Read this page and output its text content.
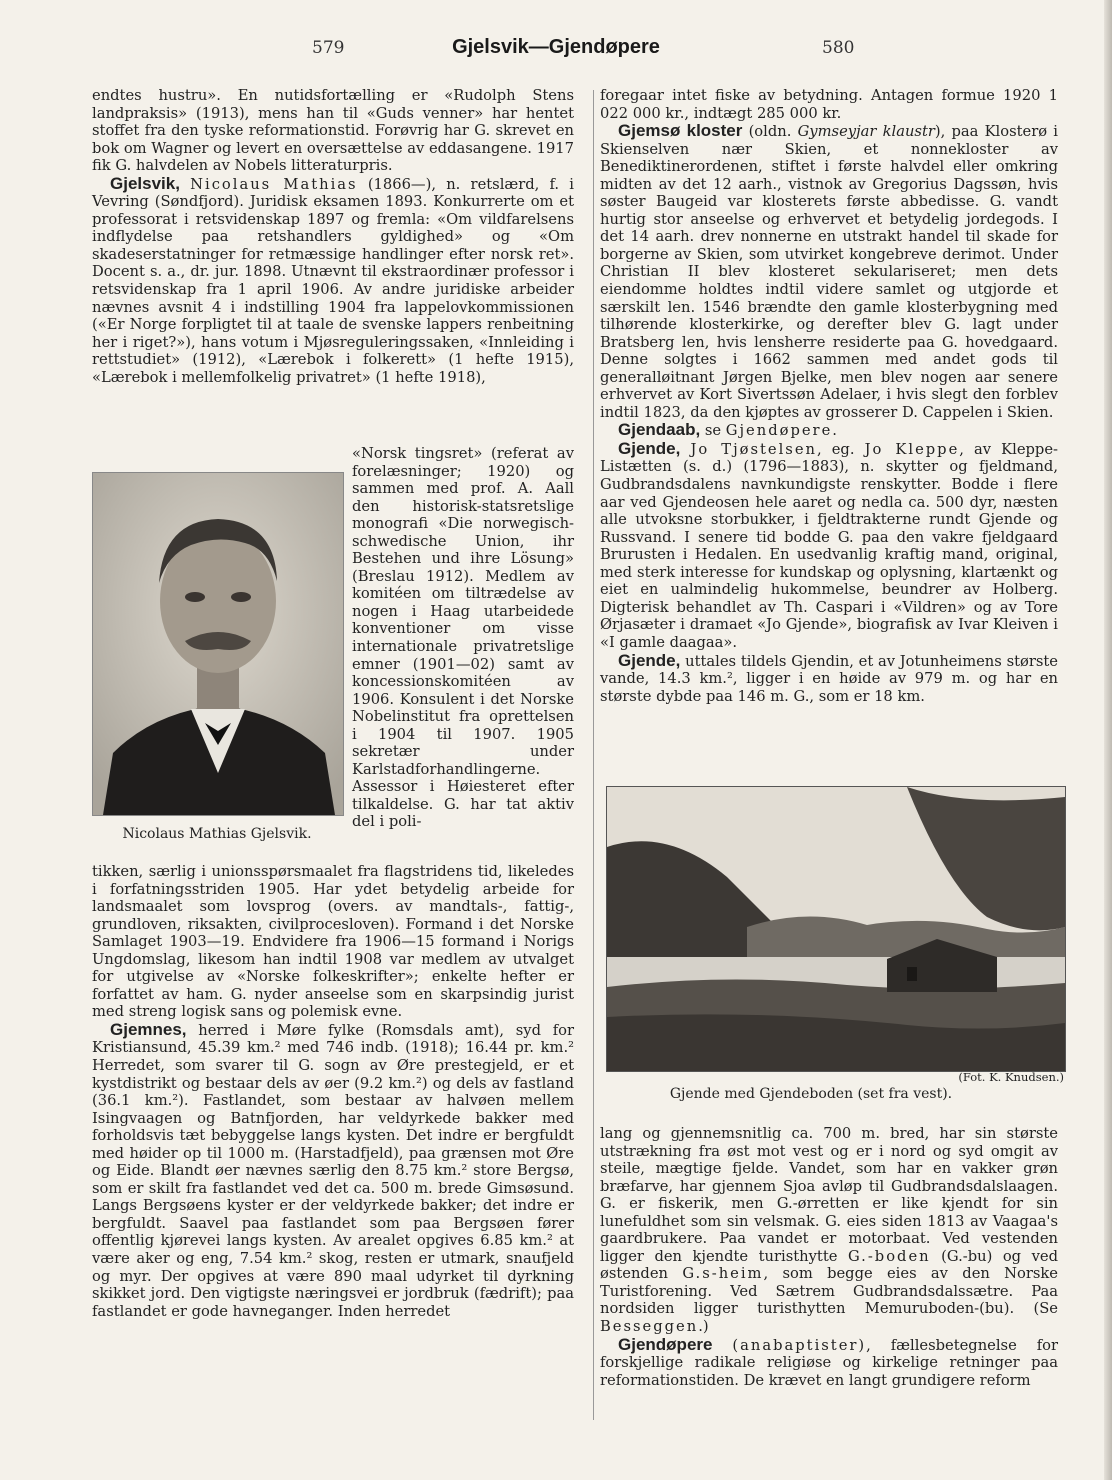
579	Gjelsvik—Gjendøpere	580

endtes hustru». En nutidsfortælling er «Rudolph Stens landpraksis» (1913), mens han til «Guds venner» har hentet stoffet fra den tyske reformationstid. Forøvrig har G. skrevet en bok om Wagner og levert en oversættelse av eddasangene. 1917 fik G. halvdelen av Nobels litteraturpris.

Gjelsvik, Nicolaus Mathias (1866—), n. retslærd, f. i Vevring (Søndfjord). Juridisk eksamen 1893. Konkurrerte om et professorat i retsvidenskap 1897 og fremla: «Om vildfarelsens indflydelse paa retshandlers gyldighed» og «Om skadeserstatninger for retmæssige handlinger efter norsk ret». Docent s. a., dr. jur. 1898. Utnævnt til ekstraordinær professor i retsvidenskap fra 1 april 1906. Av andre juridiske arbeider nævnes avsnit 4 i indstilling 1904 fra lappelovkommissionen («Er Norge forpligtet til at taale de svenske lappers renbeitning her i riget?»), hans votum i Mjøsreguleringssaken, «Innleiding i rettstudiet» (1912), «Lærebok i folkerett» (1 hefte 1915), «Lærebok i mellemfolkelig privatret» (1 hefte 1918),

Nicolaus Mathias Gjelsvik.

«Norsk tingsret» (referat av forelæsninger; 1920) og sammen med prof. A. Aall den historisk-statsretslige monografi «Die norwegisch-schwedische Union, ihr Bestehen und ihre Lösung» (Breslau 1912). Medlem av komitéen om tiltrædelse av nogen i Haag utarbeidede konventioner om visse internationale privatretslige emner (1901—02) samt av koncessionskomitéen av 1906. Konsulent i det Norske Nobelinstitut fra oprettelsen i 1904 til 1907. 1905 sekretær under Karlstadforhandlingerne. Assessor i Høiesteret efter tilkaldelse. G. har tat aktiv del i poli-

tikken, særlig i unionsspørsmaalet fra flagstridens tid, likeledes i forfatningsstriden 1905. Har ydet betydelig arbeide for landsmaalet som lovsprog (overs. av mandtals-, fattig-, grundloven, riksakten, civilprocesloven). Formand i det Norske Samlaget 1903—19. Endvidere fra 1906—15 formand i Norigs Ungdomslag, likesom han indtil 1908 var medlem av utvalget for utgivelse av «Norske folkeskrifter»; enkelte hefter er forfattet av ham. G. nyder anseelse som en skarpsindig jurist med streng logisk sans og polemisk evne.

Gjemnes, herred i Møre fylke (Romsdals amt), syd for Kristiansund, 45.39 km.² med 746 indb. (1918); 16.44 pr. km.² Herredet, som svarer til G. sogn av Øre prestegjeld, er et kystdistrikt og bestaar dels av øer (9.2 km.²) og dels av fastland (36.1 km.²). Fastlandet, som bestaar av halvøen mellem Isingvaagen og Batnfjorden, har veldyrkede bakker med forholdsvis tæt bebyggelse langs kysten. Det indre er bergfuldt med høider op til 1000 m. (Harstadfjeld), paa grænsen mot Øre og Eide. Blandt øer nævnes særlig den 8.75 km.² store Bergsø, som er skilt fra fastlandet ved det ca. 500 m. brede Gimsøsund. Langs Bergsøens kyster er der veldyrkede bakker; det indre er bergfuldt. Saavel paa fastlandet som paa Bergsøen fører offentlig kjørevei langs kysten. Av arealet opgives 6.85 km.² at være aker og eng, 7.54 km.² skog, resten er utmark, snaufjeld og myr. Der opgives at være 890 maal udyrket til dyrkning skikket jord. Den vigtigste næringsvei er jordbruk (fædrift); paa fastlandet er gode havneganger. Inden herredet

foregaar intet fiske av betydning. Antagen formue 1920 1 022 000 kr., indtægt 285 000 kr.

Gjemsø kloster (oldn. Gymseyjar klaustr), paa Klosterø i Skienselven nær Skien, et nonnekloster av Benediktinerordenen, stiftet i første halvdel eller omkring midten av det 12 aarh., vistnok av Gregorius Dagssøn, hvis søster Baugeid var klosterets første abbedisse. G. vandt hurtig stor anseelse og erhvervet et betydelig jordegods. I det 14 aarh. drev nonnerne en utstrakt handel til skade for borgerne av Skien, som utvirket kongebreve derimot. Under Christian II blev klosteret sekulariseret; men dets eiendomme holdtes indtil videre samlet og utgjorde et særskilt len. 1546 brændte den gamle klosterbygning med tilhørende klosterkirke, og derefter blev G. lagt under Bratsberg len, hvis lensherre residerte paa G. hovedgaard. Denne solgtes i 1662 sammen med andet gods til generalløitnant Jørgen Bjelke, men blev nogen aar senere erhvervet av Kort Sivertssøn Adelaer, i hvis slegt den forblev indtil 1823, da den kjøptes av grosserer D. Cappelen i Skien.

Gjendaab, se Gjendøpere.

Gjende, Jo Tjøstelsen, eg. Jo Kleppe, av Kleppe-Listætten (s. d.) (1796—1883), n. skytter og fjeldmand, Gudbrandsdalens navnkundigste renskytter. Bodde i flere aar ved Gjendeosen hele aaret og nedla ca. 500 dyr, næsten alle utvoksne storbukker, i fjeldtrakterne rundt Gjende og Russvand. I senere tid bodde G. paa den vakre fjeldgaard Brurusten i Hedalen. En usedvanlig kraftig mand, original, med sterk interesse for kundskap og oplysning, klartænkt og eiet en ualmindelig hukommelse, beundrer av Holberg. Digterisk behandlet av Th. Caspari i «Vildren» og av Tore Ørjasæter i dramaet «Jo Gjende», biografisk av Ivar Kleiven i «I gamle daagaa».

Gjende, uttales tildels Gjendin, et av Jotunheimens største vande, 14.3 km.², ligger i en høide av 979 m. og har en største dybde paa 146 m. G., som er 18 km.

(Fot. K. Knudsen.)
Gjende med Gjendeboden (set fra vest).

lang og gjennemsnitlig ca. 700 m. bred, har sin største utstrækning fra øst mot vest og er i nord og syd omgit av steile, mægtige fjelde. Vandet, som har en vakker grøn bræfarve, har gjennem Sjoa avløp til Gudbrandsdalslaagen. G. er fiskerik, men G.-ørretten er like kjendt for sin lunefuldhet som sin velsmak. G. eies siden 1813 av Vaagaa's gaardbrukere. Paa vandet er motorbaat. Ved vestenden ligger den kjendte turisthytte G.-boden (G.-bu) og ved østenden G.s-heim, som begge eies av den Norske Turistforening. Ved Sætrem Gudbrandsdalssætre. Paa nordsiden ligger turisthytten Memuruboden-(bu). (Se Besseggen.)

Gjendøpere (anabaptister), fællesbetegnelse for forskjellige radikale religiøse og kirkelige retninger paa reformationstiden. De krævet en langt grundigere reform
